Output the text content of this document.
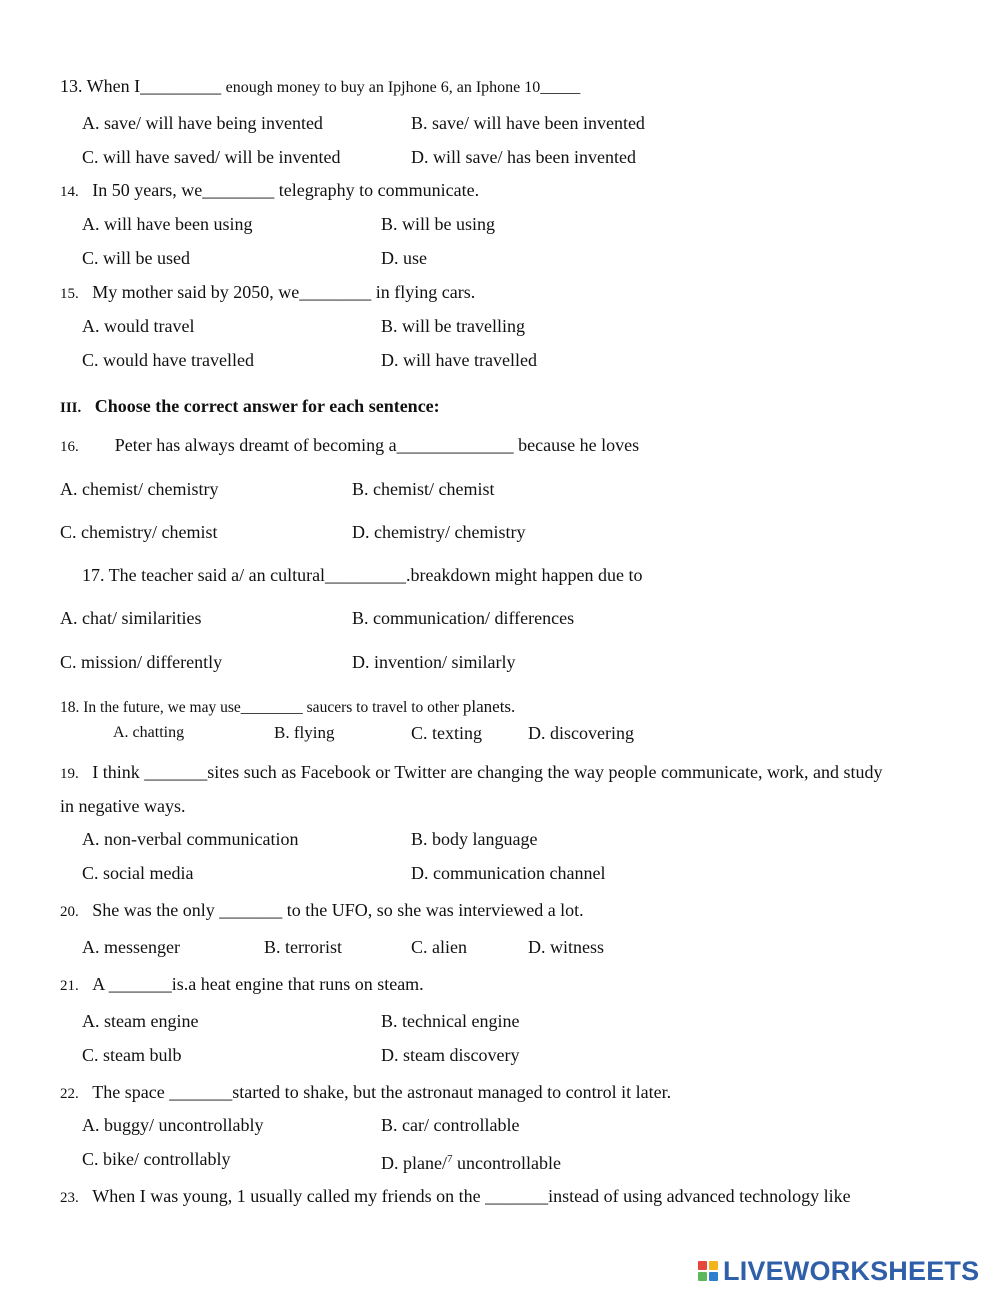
13. When I_________ enough money to buy an Ipjhone 6, an Iphone 10_____
A. save/ will have being invented	B. save/ will have been invented
C. will have saved/ will be invented	D. will save/ has been invented
14. In 50 years, we________ telegraphy to communicate.
A. will have been using	B. will be using
C. will be used	D. use
15. My mother said by 2050, we________ in flying cars.
A. would travel	B. will be travelling
C. would have travelled	D. will have travelled
III. Choose the correct answer for each sentence:
16. Peter has always dreamt of becoming a_____________ because he loves
A. chemist/ chemistry	B. chemist/ chemist
C. chemistry/ chemist	D. chemistry/ chemistry
17. The teacher said a/ an cultural_________.breakdown might happen due to
A. chat/ similarities	B. communication/ differences
C. mission/ differently	D. invention/ similarly
18. In the future, we may use________ saucers to travel to other planets.
A. chatting	B. flying	C. texting	D. discovering
19. I think _______sites such as Facebook or Twitter are changing the way people communicate, work, and study
in negative ways.
A. non-verbal communication	B. body language
C. social media	D. communication channel
20. She was the only _______ to the UFO, so she was interviewed a lot.
A. messenger	B. terrorist	C. alien	D. witness
21. A _______is.a heat engine that runs on steam.
A. steam engine	B. technical engine
C. steam bulb	D. steam discovery
22. The space _______started to shake, but the astronaut managed to control it later.
A. buggy/ uncontrollably	B. car/ controllable
C. bike/ controllably	D. plane/$^7$ uncontrollable
23. When I was young, 1 usually called my friends on the _______instead of using advanced technology like
LIVEWORKSHEETS
